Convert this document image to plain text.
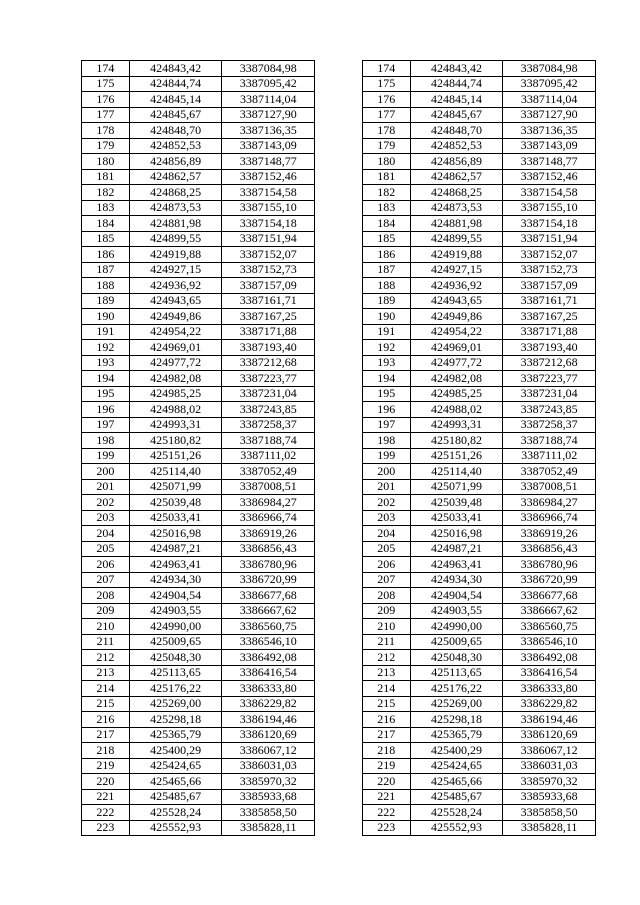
174	424843,42	3387084,98		174	424843,42	3387084,98
175	424844,74	3387095,42		175	424844,74	3387095,42
176	424845,14	3387114,04		176	424845,14	3387114,04
177	424845,67	3387127,90		177	424845,67	3387127,90
178	424848,70	3387136,35		178	424848,70	3387136,35
179	424852,53	3387143,09		179	424852,53	3387143,09
180	424856,89	3387148,77		180	424856,89	3387148,77
181	424862,57	3387152,46		181	424862,57	3387152,46
182	424868,25	3387154,58		182	424868,25	3387154,58
183	424873,53	3387155,10		183	424873,53	3387155,10
184	424881,98	3387154,18		184	424881,98	3387154,18
185	424899,55	3387151,94		185	424899,55	3387151,94
186	424919,88	3387152,07		186	424919,88	3387152,07
187	424927,15	3387152,73		187	424927,15	3387152,73
188	424936,92	3387157,09		188	424936,92	3387157,09
189	424943,65	3387161,71		189	424943,65	3387161,71
190	424949,86	3387167,25		190	424949,86	3387167,25
191	424954,22	3387171,88		191	424954,22	3387171,88
192	424969,01	3387193,40		192	424969,01	3387193,40
193	424977,72	3387212,68		193	424977,72	3387212,68
194	424982,08	3387223,77		194	424982,08	3387223,77
195	424985,25	3387231,04		195	424985,25	3387231,04
196	424988,02	3387243,85		196	424988,02	3387243,85
197	424993,31	3387258,37		197	424993,31	3387258,37
198	425180,82	3387188,74		198	425180,82	3387188,74
199	425151,26	3387111,02		199	425151,26	3387111,02
200	425114,40	3387052,49		200	425114,40	3387052,49
201	425071,99	3387008,51		201	425071,99	3387008,51
202	425039,48	3386984,27		202	425039,48	3386984,27
203	425033,41	3386966,74		203	425033,41	3386966,74
204	425016,98	3386919,26		204	425016,98	3386919,26
205	424987,21	3386856,43		205	424987,21	3386856,43
206	424963,41	3386780,96		206	424963,41	3386780,96
207	424934,30	3386720,99		207	424934,30	3386720,99
208	424904,54	3386677,68		208	424904,54	3386677,68
209	424903,55	3386667,62		209	424903,55	3386667,62
210	424990,00	3386560,75		210	424990,00	3386560,75
211	425009,65	3386546,10		211	425009,65	3386546,10
212	425048,30	3386492,08		212	425048,30	3386492,08
213	425113,65	3386416,54		213	425113,65	3386416,54
214	425176,22	3386333,80		214	425176,22	3386333,80
215	425269,00	3386229,82		215	425269,00	3386229,82
216	425298,18	3386194,46		216	425298,18	3386194,46
217	425365,79	3386120,69		217	425365,79	3386120,69
218	425400,29	3386067,12		218	425400,29	3386067,12
219	425424,65	3386031,03		219	425424,65	3386031,03
220	425465,66	3385970,32		220	425465,66	3385970,32
221	425485,67	3385933,68		221	425485,67	3385933,68
222	425528,24	3385858,50		222	425528,24	3385858,50
223	425552,93	3385828,11		223	425552,93	3385828,11
